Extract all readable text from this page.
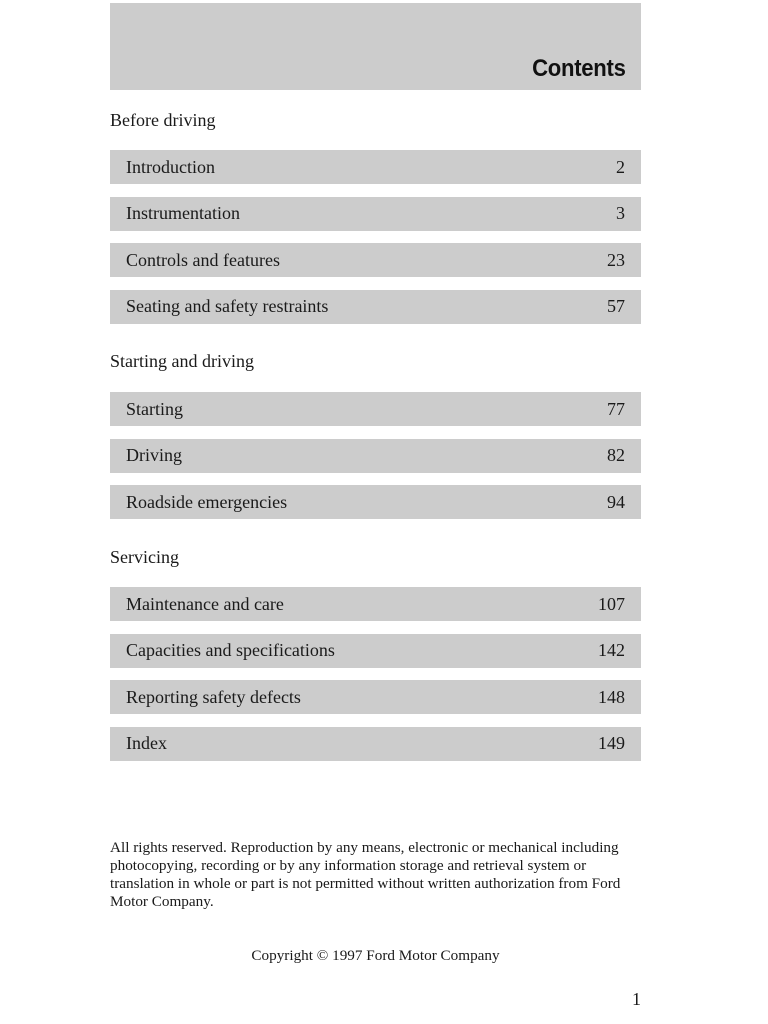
Contents

Before driving

Introduction	2
Instrumentation	3
Controls and features	23
Seating and safety restraints	57

Starting and driving

Starting	77
Driving	82
Roadside emergencies	94

Servicing

Maintenance and care	107
Capacities and specifications	142
Reporting safety defects	148
Index	149

All rights reserved. Reproduction by any means, electronic or mechanical including photocopying, recording or by any information storage and retrieval system or translation in whole or part is not permitted without written authorization from Ford Motor Company.

Copyright © 1997 Ford Motor Company

1
